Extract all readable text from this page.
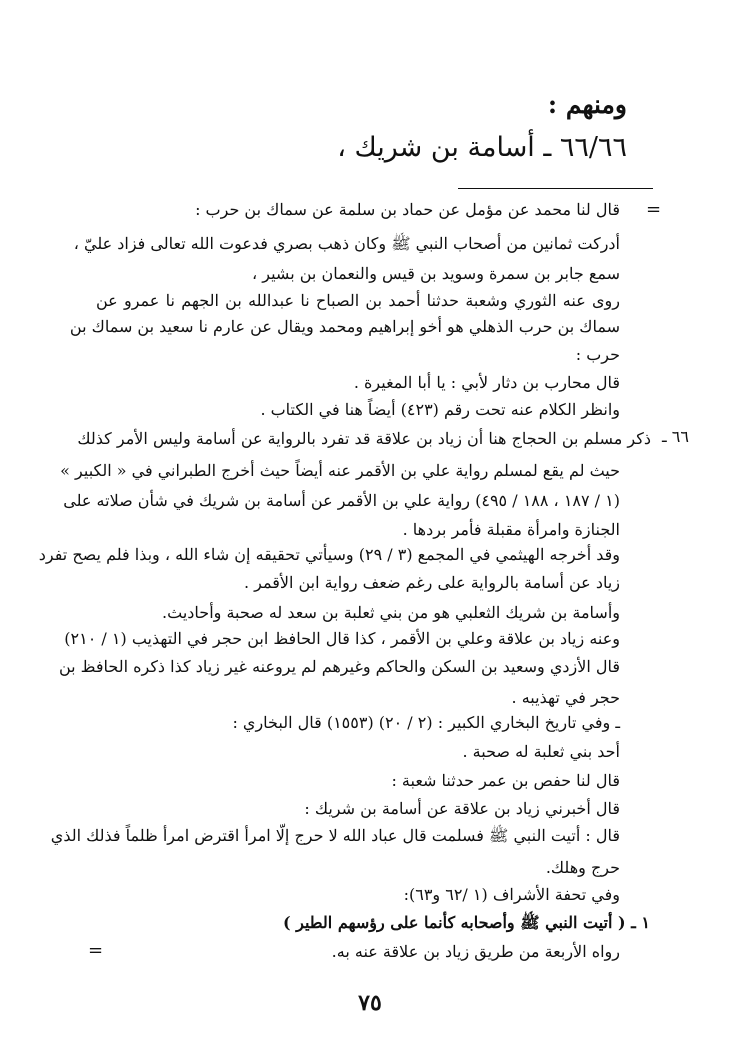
ومنهم :
٦٦/٦٦ ـ أسامة بن شريك ،
=
٦٦ ـ
قال لنا محمد عن مؤمل عن حماد بن سلمة عن سماك بن حرب :
أدركت ثمانين من أصحاب النبي ﷺ وكان ذهب بصري فدعوت الله تعالى فزاد عليّ ،
سمع جابر بن سمرة وسويد بن قيس والنعمان بن بشير ،
روى عنه الثوري وشعبة حدثنا أحمد بن الصباح نا عبدالله بن الجهم نا عمرو عن
سماك بن حرب الذهلي هو أخو إبراهيم ومحمد ويقال عن عارم نا سعيد بن سماك بن
حرب :
قال محارب بن دثار لأبي : يا أبا المغيرة .
وانظر الكلام عنه تحت رقم (٤٢٣) أيضاً هنا في الكتاب .
ذكر مسلم بن الحجاج هنا أن زياد بن علاقة قد تفرد بالرواية عن أسامة وليس الأمر كذلك
حيث لم يقع لمسلم رواية علي بن الأقمر عنه أيضاً حيث أخرج الطبراني في « الكبير »
(١ / ١٨٧ ، ١٨٨ / ٤٩٥) رواية علي بن الأقمر عن أسامة بن شريك في شأن صلاته على
الجنازة وامرأة مقبلة فأمر بردها .
وقد أخرجه الهيثمي في المجمع (٣ / ٢٩) وسيأتي تحقيقه إن شاء الله ، وبذا فلم يصح تفرد
زياد عن أسامة بالرواية على رغم ضعف رواية ابن الأقمر .
وأسامة بن شريك الثعلبي هو من بني ثعلبة بن سعد له صحبة وأحاديث.
وعنه زياد بن علاقة وعلي بن الأقمر ، كذا قال الحافظ ابن حجر في التهذيب (١ / ٢١٠)
قال الأزدي وسعيد بن السكن والحاكم وغيرهم لم يروعنه غير زياد كذا ذكره الحافظ بن
حجر في تهذيبه .
ـ وفي تاريخ البخاري الكبير : (٢ / ٢٠) (١٥٥٣) قال البخاري :
أحد بني ثعلبة له صحبة .
قال لنا حفص بن عمر حدثنا شعبة :
قال أخبرني زياد بن علاقة عن أسامة بن شريك :
قال : أتيت النبي ﷺ فسلمت قال عباد الله لا حرج إلّا امرأ اقترض امرأ ظلماً فذلك الذي
حرج وهلك.
وفي تحفة الأشراف (١ /٦٢ و٦٣):
١ ـ ( أتيت النبي ﷺ وأصحابه كأنما على رؤسهم الطير )
رواه الأربعة من طريق زياد بن علاقة عنه به.
=
٧٥
